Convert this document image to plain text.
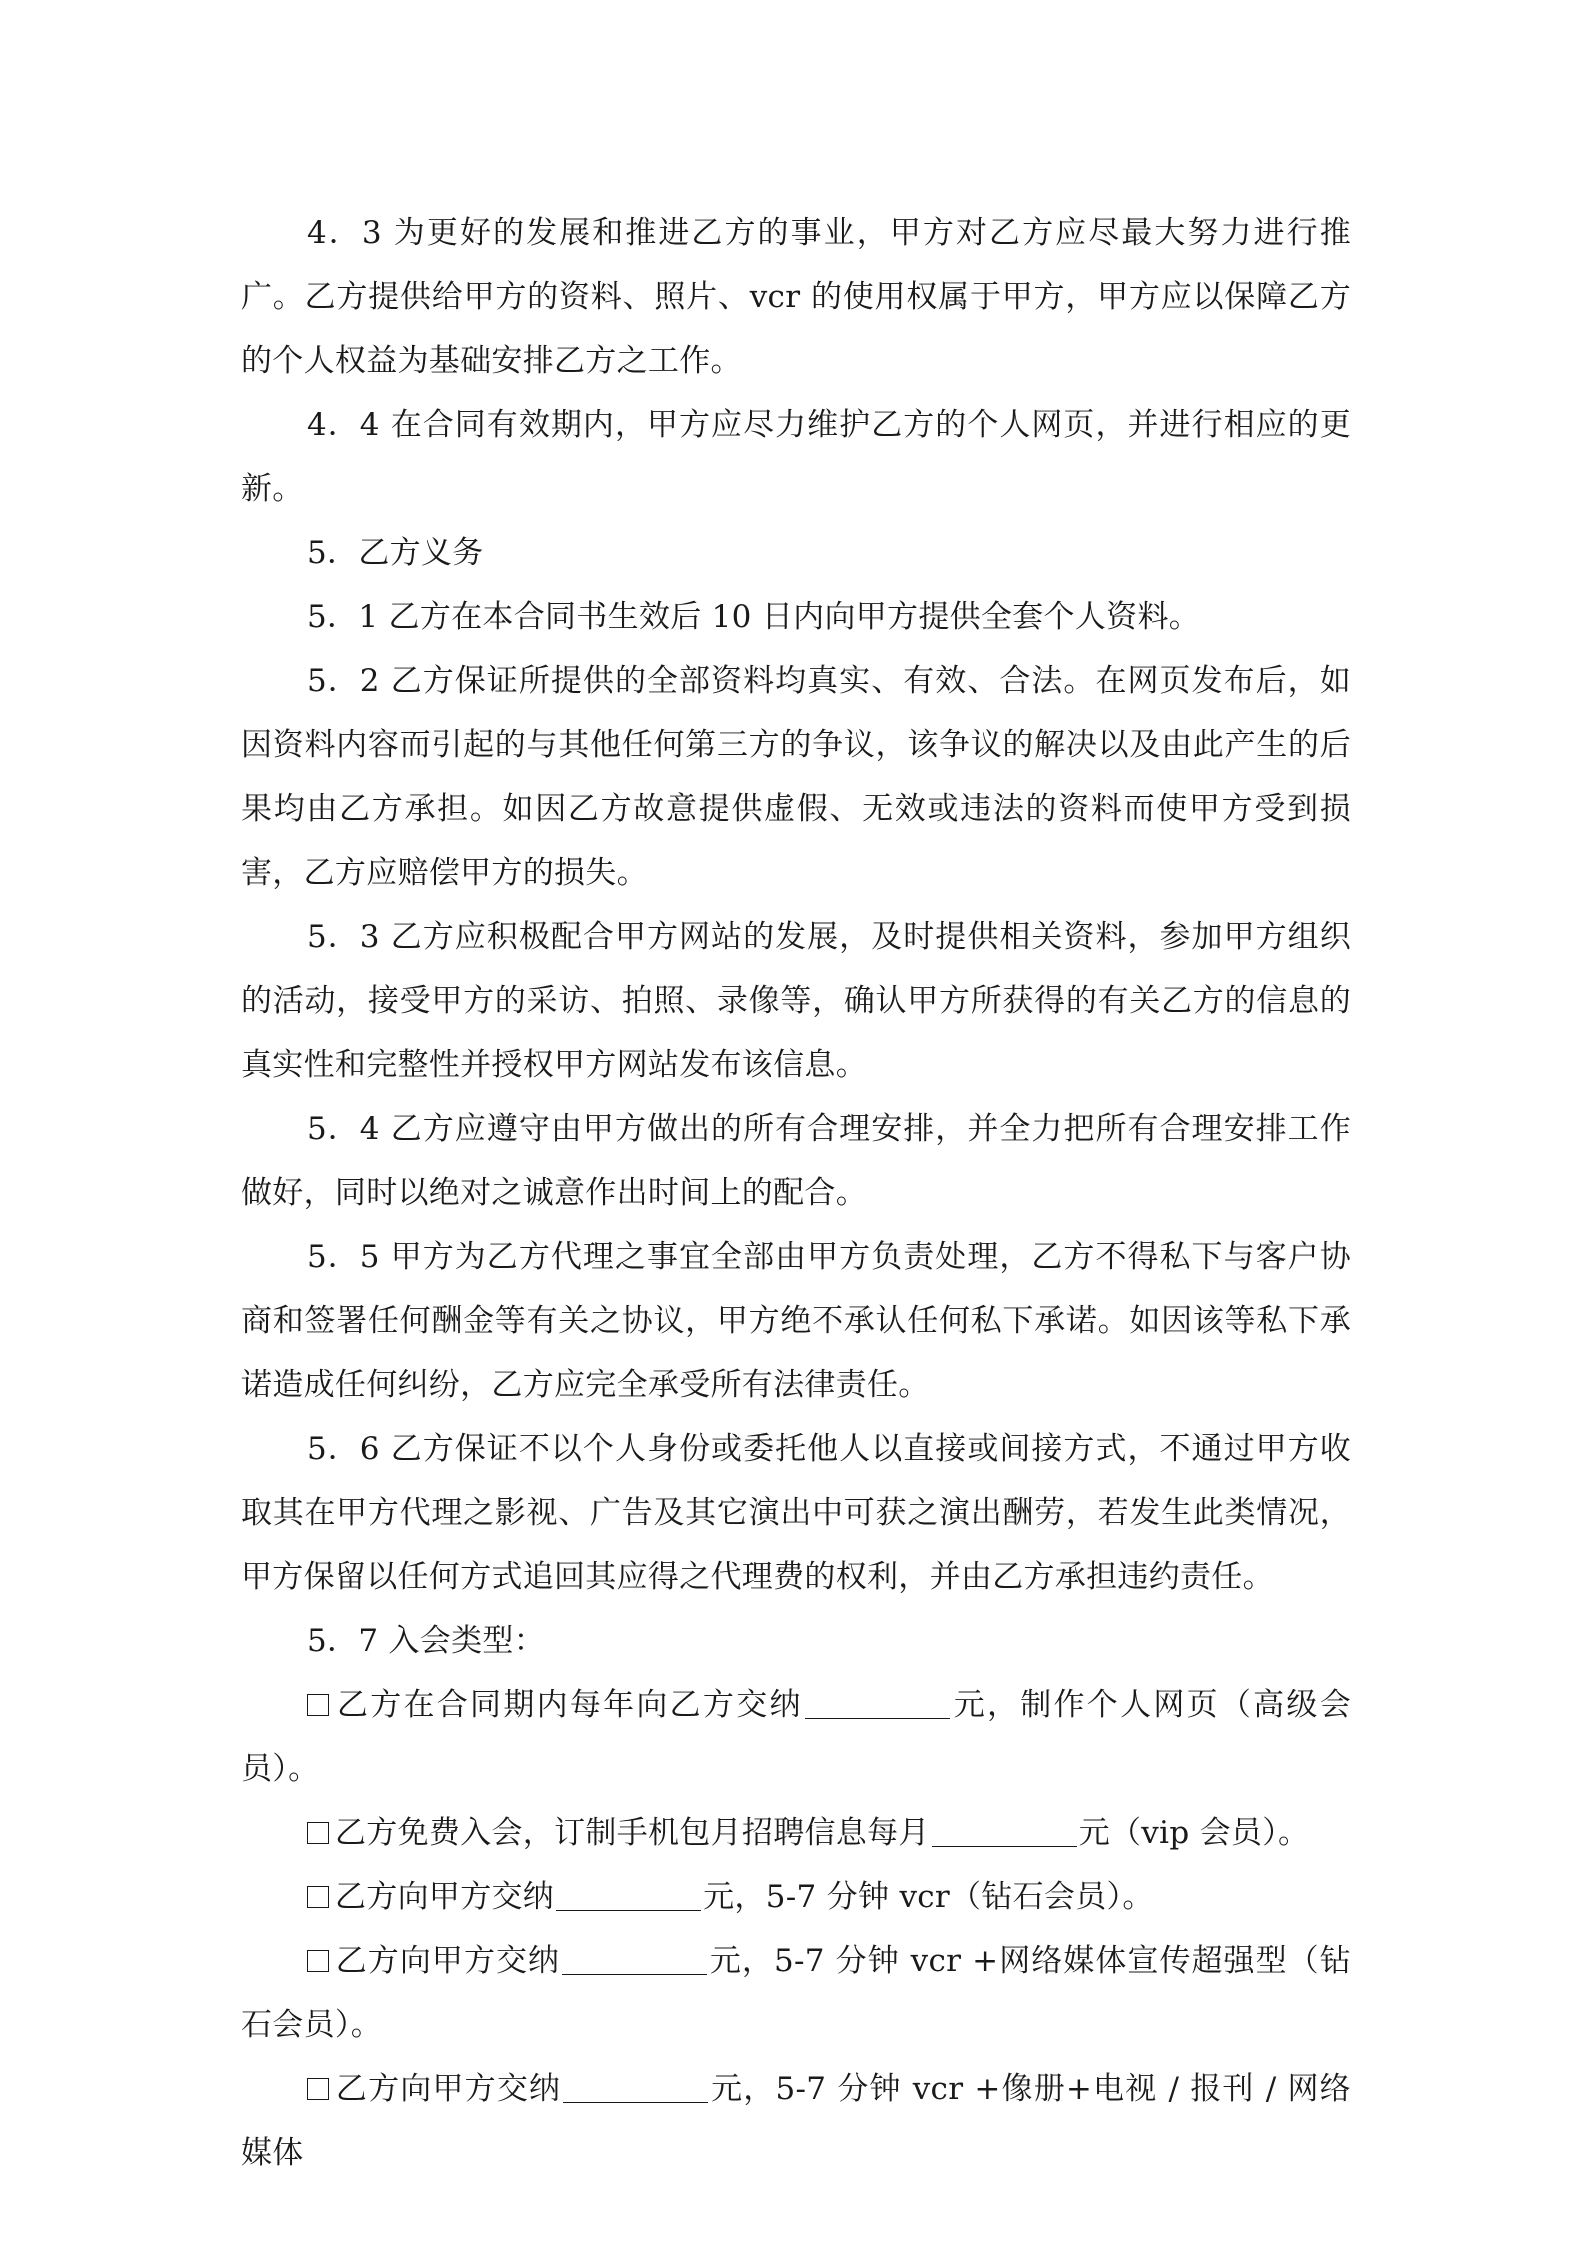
4．3 为更好的发展和推进乙方的事业，甲方对乙方应尽最大努力进行推广。乙方提供给甲方的资料、照片、vcr 的使用权属于甲方，甲方应以保障乙方的个人权益为基础安排乙方之工作。

4．4 在合同有效期内，甲方应尽力维护乙方的个人网页，并进行相应的更新。

5．乙方义务

5．1 乙方在本合同书生效后 10 日内向甲方提供全套个人资料。

5．2 乙方保证所提供的全部资料均真实、有效、合法。在网页发布后，如因资料内容而引起的与其他任何第三方的争议，该争议的解决以及由此产生的后果均由乙方承担。如因乙方故意提供虚假、无效或违法的资料而使甲方受到损害，乙方应赔偿甲方的损失。

5．3 乙方应积极配合甲方网站的发展，及时提供相关资料，参加甲方组织的活动，接受甲方的采访、拍照、录像等，确认甲方所获得的有关乙方的信息的真实性和完整性并授权甲方网站发布该信息。

5．4 乙方应遵守由甲方做出的所有合理安排，并全力把所有合理安排工作做好，同时以绝对之诚意作出时间上的配合。

5．5 甲方为乙方代理之事宜全部由甲方负责处理，乙方不得私下与客户协商和签署任何酬金等有关之协议，甲方绝不承认任何私下承诺。如因该等私下承诺造成任何纠纷，乙方应完全承受所有法律责任。

5．6 乙方保证不以个人身份或委托他人以直接或间接方式，不通过甲方收取其在甲方代理之影视、广告及其它演出中可获之演出酬劳，若发生此类情况，甲方保留以任何方式追回其应得之代理费的权利，并由乙方承担违约责任。

5．7 入会类型：

乙方在合同期内每年向乙方交纳	元，制作个人网页（高级会员）。

乙方免费入会，订制手机包月招聘信息每月	元（vip 会员）。

乙方向甲方交纳	元，5-7 分钟 vcr（钻石会员）。

乙方向甲方交纳	元，5-7 分钟 vcr +网络媒体宣传超强型（钻石会员）。

乙方向甲方交纳	元，5-7 分钟 vcr +像册+电视 / 报刊 / 网络媒体
